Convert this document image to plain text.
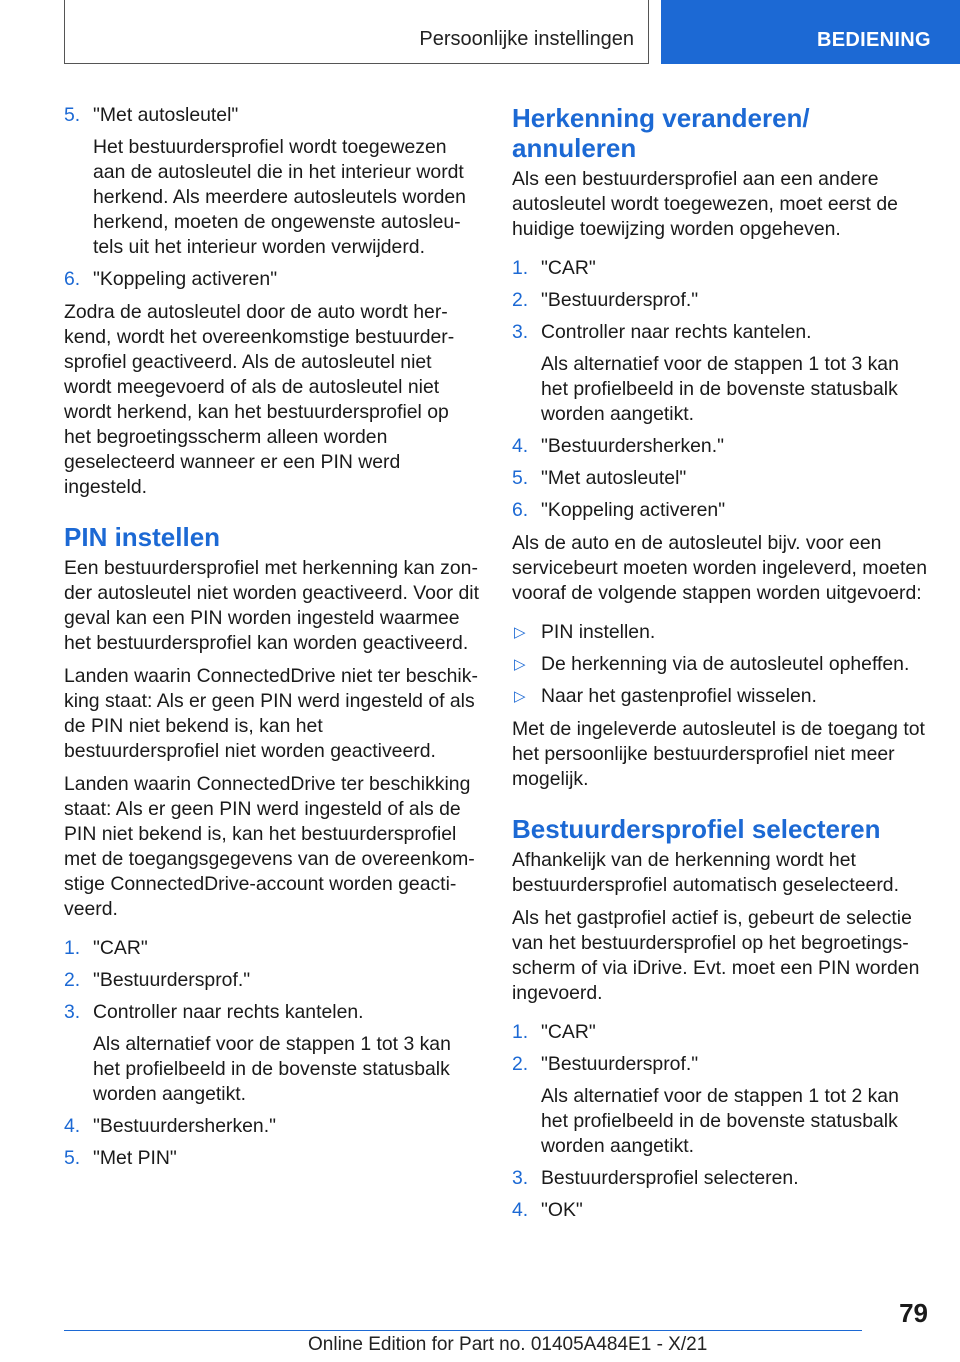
Persoonlijke instellingen	BEDIENING
5. "Met autosleutel"
Het bestuurdersprofiel wordt toegewezen aan de autosleutel die in het interieur wordt herkend. Als meerdere autosleutels worden herkend, moeten de ongewenste autosleutels uit het interieur worden verwijderd.
6. "Koppeling activeren"

Zodra de autosleutel door de auto wordt herkend, wordt het overeenkomstige bestuurdersprofiel geactiveerd. Als de autosleutel niet wordt meegevoerd of als de autosleutel niet wordt herkend, kan het bestuurdersprofiel op het begroetingsscherm alleen worden geselecteerd wanneer er een PIN werd ingesteld.

PIN instellen

Een bestuurdersprofiel met herkenning kan zonder autosleutel niet worden geactiveerd. Voor dit geval kan een PIN worden ingesteld waarmee het bestuurdersprofiel kan worden geactiveerd.

Landen waarin ConnectedDrive niet ter beschikking staat: Als er geen PIN werd ingesteld of als de PIN niet bekend is, kan het bestuurdersprofiel niet worden geactiveerd.

Landen waarin ConnectedDrive ter beschikking staat: Als er geen PIN werd ingesteld of als de PIN niet bekend is, kan het bestuurdersprofiel met de toegangsgegevens van de overeenkomstige ConnectedDrive-account worden geactiveerd.

1. "CAR"
2. "Bestuurdersprof."
3. Controller naar rechts kantelen.
Als alternatief voor de stappen 1 tot 3 kan het profielbeeld in de bovenste statusbalk worden aangetikt.
4. "Bestuurdersherken."
5. "Met PIN"
Herkenning veranderen/ annuleren

Als een bestuurdersprofiel aan een andere autosleutel wordt toegewezen, moet eerst de huidige toewijzing worden opgeheven.

1. "CAR"
2. "Bestuurdersprof."
3. Controller naar rechts kantelen.
Als alternatief voor de stappen 1 tot 3 kan het profielbeeld in de bovenste statusbalk worden aangetikt.
4. "Bestuurdersherken."
5. "Met autosleutel"
6. "Koppeling activeren"

Als de auto en de autosleutel bijv. voor een servicebeurt moeten worden ingeleverd, moeten vooraf de volgende stappen worden uitgevoerd:

▷ PIN instellen.
▷ De herkenning via de autosleutel opheffen.
▷ Naar het gastenprofiel wisselen.

Met de ingeleverde autosleutel is de toegang tot het persoonlijke bestuurdersprofiel niet meer mogelijk.

Bestuurdersprofiel selecteren

Afhankelijk van de herkenning wordt het bestuurdersprofiel automatisch geselecteerd.

Als het gastprofiel actief is, gebeurt de selectie van het bestuurdersprofiel op het begroetingsscherm of via iDrive. Evt. moet een PIN worden ingevoerd.

1. "CAR"
2. "Bestuurdersprof."
Als alternatief voor de stappen 1 tot 2 kan het profielbeeld in de bovenste statusbalk worden aangetikt.
3. Bestuurdersprofiel selecteren.
4. "OK"
79
Online Edition for Part no. 01405A484E1 - X/21
